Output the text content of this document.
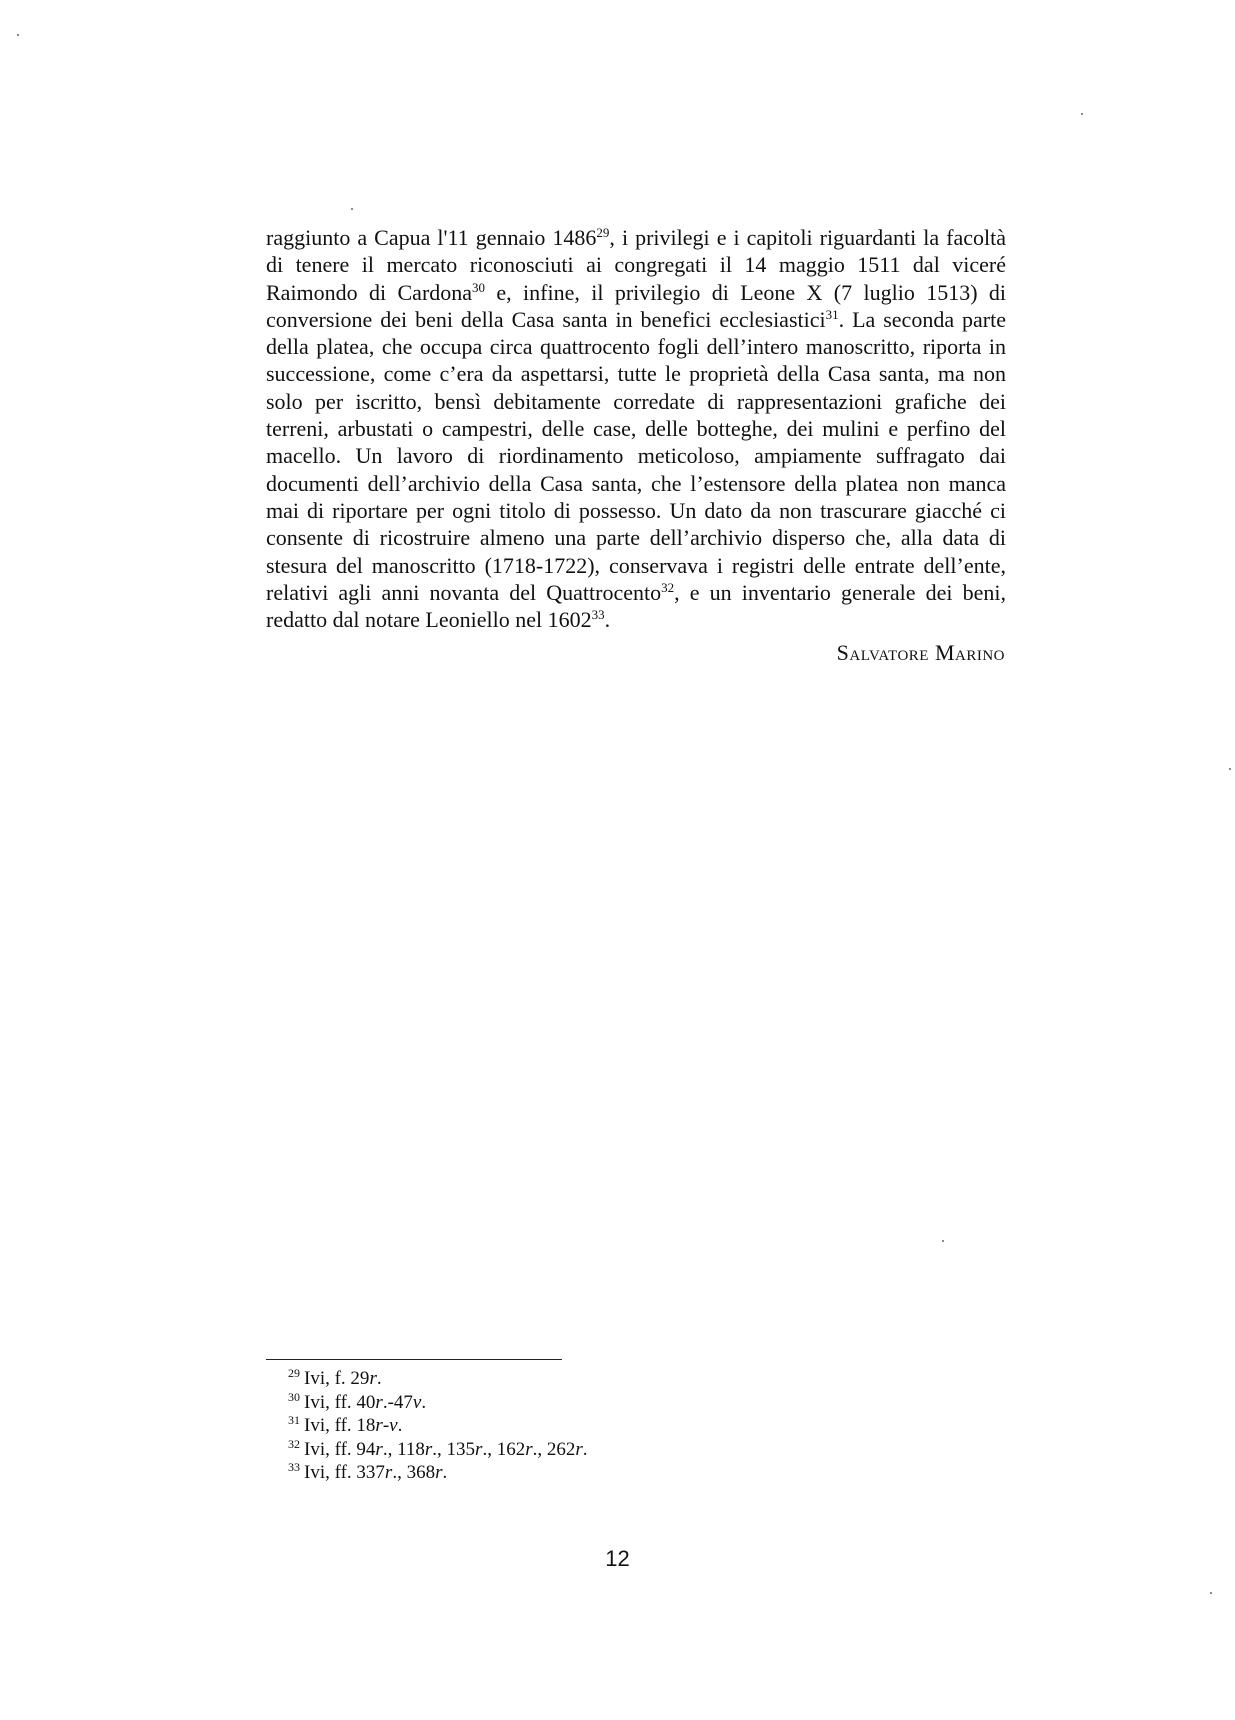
raggiunto a Capua l'11 gennaio 1486$^{29}$, i privilegi e i capitoli riguardanti la facoltà di tenere il mercato riconosciuti ai congregati il 14 maggio 1511 dal viceré Raimondo di Cardona$^{30}$ e, infine, il privilegio di Leone X (7 luglio 1513) di conversione dei beni della Casa santa in benefici ecclesiastici$^{31}$. La seconda parte della platea, che occupa circa quattrocento fogli dell’intero manoscritto, riporta in successione, come c’era da aspettarsi, tutte le proprietà della Casa santa, ma non solo per iscritto, bensì debitamente corredate di rappresentazioni grafiche dei terreni, arbustati o campestri, delle case, delle botteghe, dei mulini e perfino del macello. Un lavoro di riordinamento meticoloso, ampiamente suffragato dai documenti dell’archivio della Casa santa, che l’estensore della platea non manca mai di riportare per ogni titolo di possesso. Un dato da non trascurare giacché ci consente di ricostruire almeno una parte dell’archivio disperso che, alla data di stesura del manoscritto (1718-1722), conservava i registri delle entrate dell’ente, relativi agli anni novanta del Quattrocento$^{32}$, e un inventario generale dei beni, redatto dal notare Leoniello nel 1602$^{33}$.
Salvatore Marino
$^{29}$ Ivi, f. 29r.
$^{30}$ Ivi, ff. 40r.-47v.
$^{31}$ Ivi, ff. 18r-v.
$^{32}$ Ivi, ff. 94r., 118r., 135r., 162r., 262r.
$^{33}$ Ivi, ff. 337r., 368r.
12
